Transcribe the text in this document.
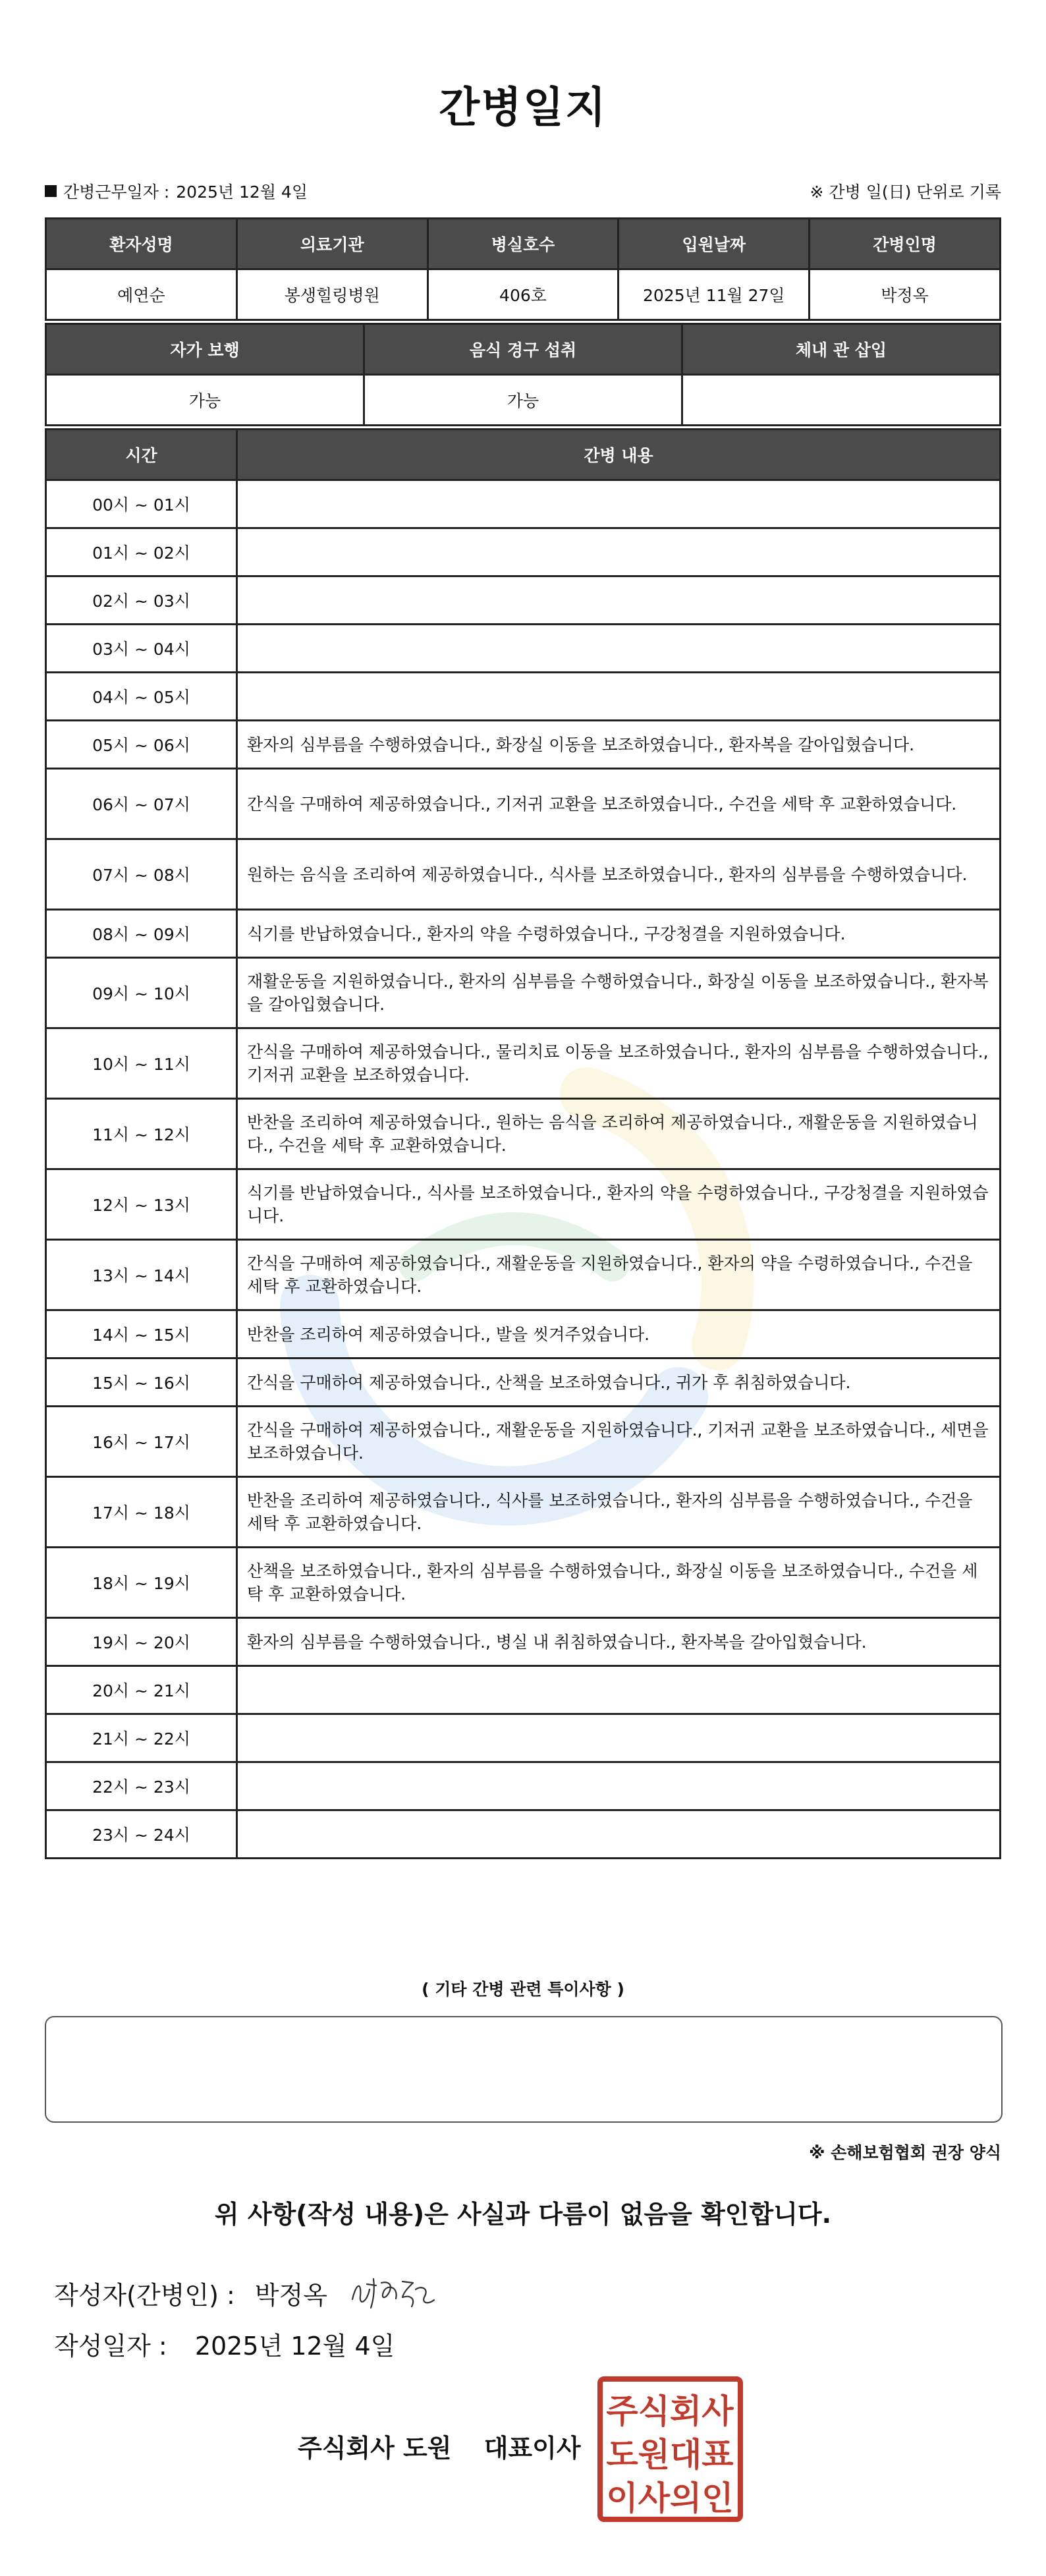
간병일지
간병근무일자 : 2025년 12월 4일	※ 간병 일(日) 단위로 기록
환자성명	의료기관	병실호수	입원날짜	간병인명
예연순	봉생힐링병원	406호	2025년 11월 27일	박정옥
자가 보행	음식 경구 섭취	체내 관 삽입
가능	가능	
시간	간병 내용
00시 ~ 01시	
01시 ~ 02시	
02시 ~ 03시	
03시 ~ 04시	
04시 ~ 05시	
05시 ~ 06시	환자의 심부름을 수행하였습니다., 화장실 이동을 보조하였습니다., 환자복을 갈아입혔습니다.
06시 ~ 07시	간식을 구매하여 제공하였습니다., 기저귀 교환을 보조하였습니다., 수건을 세탁 후 교환하였습니다.
07시 ~ 08시	원하는 음식을 조리하여 제공하였습니다., 식사를 보조하였습니다., 환자의 심부름을 수행하였습니다.
08시 ~ 09시	식기를 반납하였습니다., 환자의 약을 수령하였습니다., 구강청결을 지원하였습니다.
09시 ~ 10시	재활운동을 지원하였습니다., 환자의 심부름을 수행하였습니다., 화장실 이동을 보조하였습니다., 환자복을 갈아입혔습니다.
10시 ~ 11시	간식을 구매하여 제공하였습니다., 물리치료 이동을 보조하였습니다., 환자의 심부름을 수행하였습니다., 기저귀 교환을 보조하였습니다.
11시 ~ 12시	반찬을 조리하여 제공하였습니다., 원하는 음식을 조리하여 제공하였습니다., 재활운동을 지원하였습니다., 수건을 세탁 후 교환하였습니다.
12시 ~ 13시	식기를 반납하였습니다., 식사를 보조하였습니다., 환자의 약을 수령하였습니다., 구강청결을 지원하였습니다.
13시 ~ 14시	간식을 구매하여 제공하였습니다., 재활운동을 지원하였습니다., 환자의 약을 수령하였습니다., 수건을 세탁 후 교환하였습니다.
14시 ~ 15시	반찬을 조리하여 제공하였습니다., 발을 씻겨주었습니다.
15시 ~ 16시	간식을 구매하여 제공하였습니다., 산책을 보조하였습니다., 귀가 후 취침하였습니다.
16시 ~ 17시	간식을 구매하여 제공하였습니다., 재활운동을 지원하였습니다., 기저귀 교환을 보조하였습니다., 세면을 보조하였습니다.
17시 ~ 18시	반찬을 조리하여 제공하였습니다., 식사를 보조하였습니다., 환자의 심부름을 수행하였습니다., 수건을 세탁 후 교환하였습니다.
18시 ~ 19시	산책을 보조하였습니다., 환자의 심부름을 수행하였습니다., 화장실 이동을 보조하였습니다., 수건을 세탁 후 교환하였습니다.
19시 ~ 20시	환자의 심부름을 수행하였습니다., 병실 내 취침하였습니다., 환자복을 갈아입혔습니다.
20시 ~ 21시	
21시 ~ 22시	
22시 ~ 23시	
23시 ~ 24시	
( 기타 간병 관련 특이사항 )
※ 손해보험협회 권장 양식
위 사항(작성 내용)은 사실과 다름이 없음을 확인합니다.
작성자(간병인) : 박정옥
작성일자 : 2025년 12월 4일
주식회사 도원 대표이사
주식회사
도원대표
이사의인
